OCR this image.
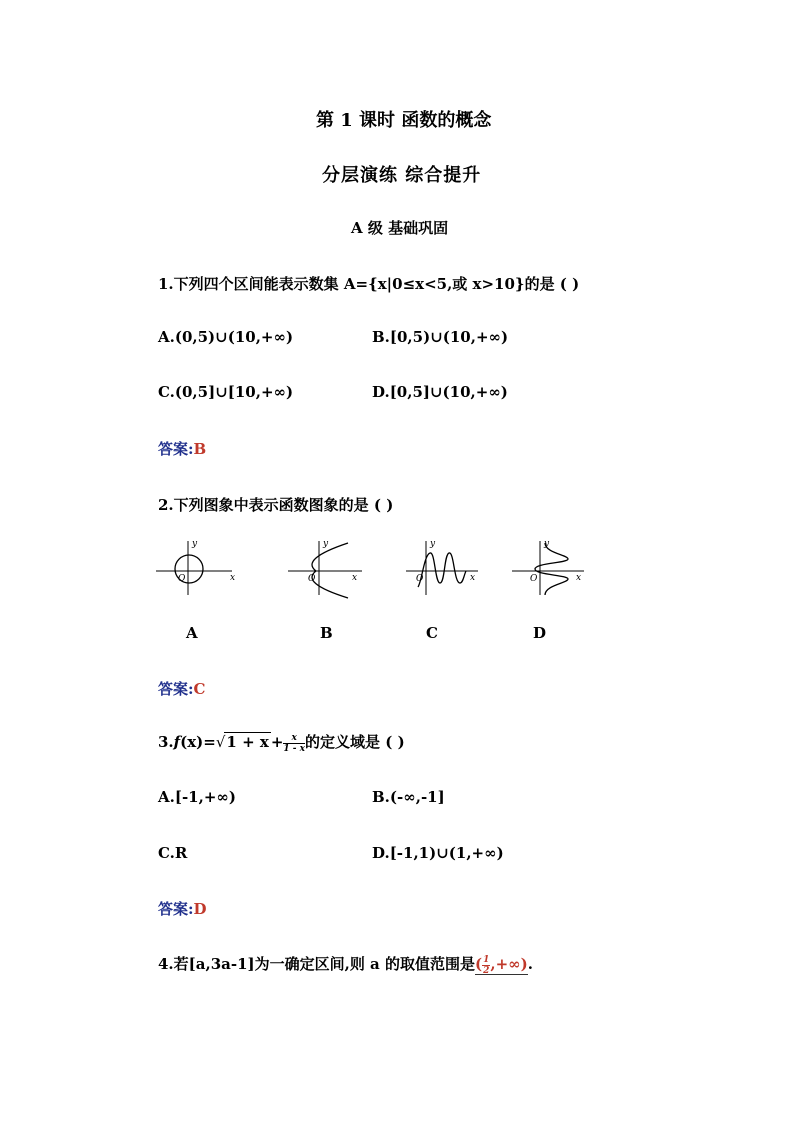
第 1 课时 函数的概念
分层演练 综合提升
A 级 基础巩固
1.下列四个区间能表示数集 A={x|0≤x<5,或 x>10}的是 ( )
A.(0,5)∪(10,+∞)	B.[0,5)∪(10,+∞)
C.(0,5]∪[10,+∞)	D.[0,5]∪(10,+∞)
答案:B
2.下列图象中表示函数图象的是 ( )
y
x
O
y
x
O
y
x
O
y
x
O
A	B	C	D
答案:C
$3.f(x)=√1 + x + \frac{x}{1 - x}$ 的定义域是 ( )
A.[-1,+∞)	B.(-∞,-1]
C.R	D.[-1,1)∪(1,+∞)
答案:D
4.若[a,3a-1]为一确定区间,则 a 的取值范围是( $\frac{1}{2}$ ,+∞).
